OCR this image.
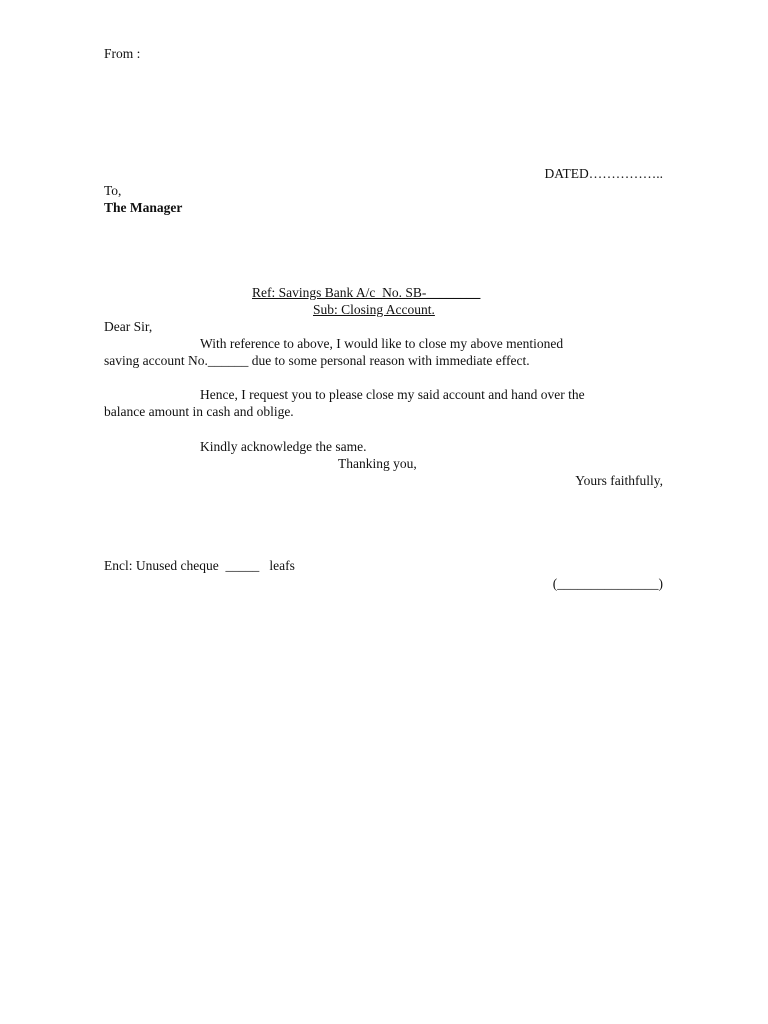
From :
DATED……………..
To,
The Manager
Ref: Savings Bank A/c  No. SB-________
Sub: Closing Account.
Dear Sir,
With reference to above, I would like to close my above mentioned
saving account No.______ due to some personal reason with immediate effect.
Hence, I request you to please close my said account and hand over the
balance amount in cash and oblige.
Kindly acknowledge the same.
Thanking you,
Yours faithfully,
Encl: Unused cheque  _____   leafs
(_______________)
